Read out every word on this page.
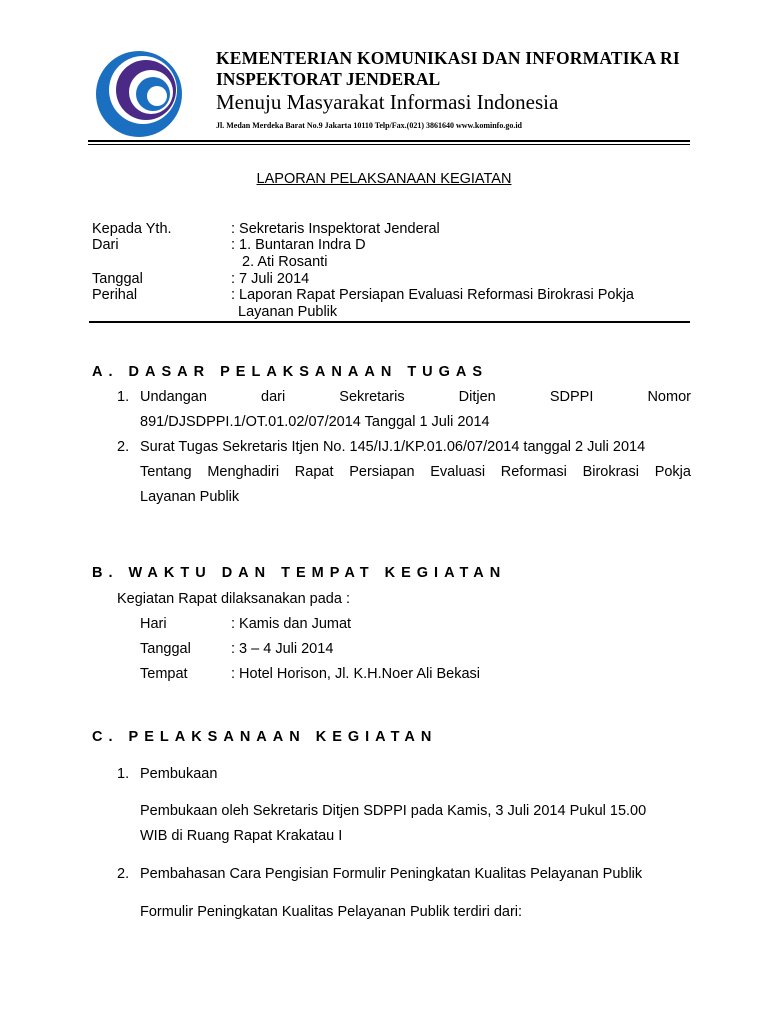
KEMENTERIAN KOMUNIKASI DAN INFORMATIKA RI
INSPEKTORAT JENDERAL
Menuju Masyarakat Informasi Indonesia
Jl. Medan Merdeka Barat No.9 Jakarta 10110 Telp/Fax.(021) 3861640 www.kominfo.go.id
LAPORAN PELAKSANAAN KEGIATAN
Kepada Yth.	: Sekretaris Inspektorat Jenderal
Dari	: 1. Buntaran Indra D
2. Ati Rosanti
Tanggal	: 7 Juli 2014
Perihal	: Laporan Rapat Persiapan Evaluasi Reformasi Birokrasi Pokja
Layanan Publik
A. DASAR PELAKSANAAN TUGAS
1. Undangan	dari	Sekretaris	Ditjen	SDPPI	Nomor
891/DJSDPPI.1/OT.01.02/07/2014 Tanggal 1 Juli 2014
2. Surat Tugas Sekretaris Itjen No. 145/IJ.1/KP.01.06/07/2014 tanggal 2 Juli 2014
Tentang Menghadiri Rapat Persiapan Evaluasi Reformasi Birokrasi Pokja
Layanan Publik
B. WAKTU DAN TEMPAT KEGIATAN
Kegiatan Rapat dilaksanakan pada :
Hari	: Kamis dan Jumat
Tanggal	: 3 – 4 Juli 2014
Tempat	: Hotel Horison, Jl. K.H.Noer Ali Bekasi
C. PELAKSANAAN KEGIATAN
1. Pembukaan
Pembukaan oleh Sekretaris Ditjen SDPPI pada Kamis, 3 Juli 2014 Pukul 15.00
WIB di Ruang Rapat Krakatau I
2. Pembahasan Cara Pengisian Formulir Peningkatan Kualitas Pelayanan Publik
Formulir Peningkatan Kualitas Pelayanan Publik terdiri dari:
